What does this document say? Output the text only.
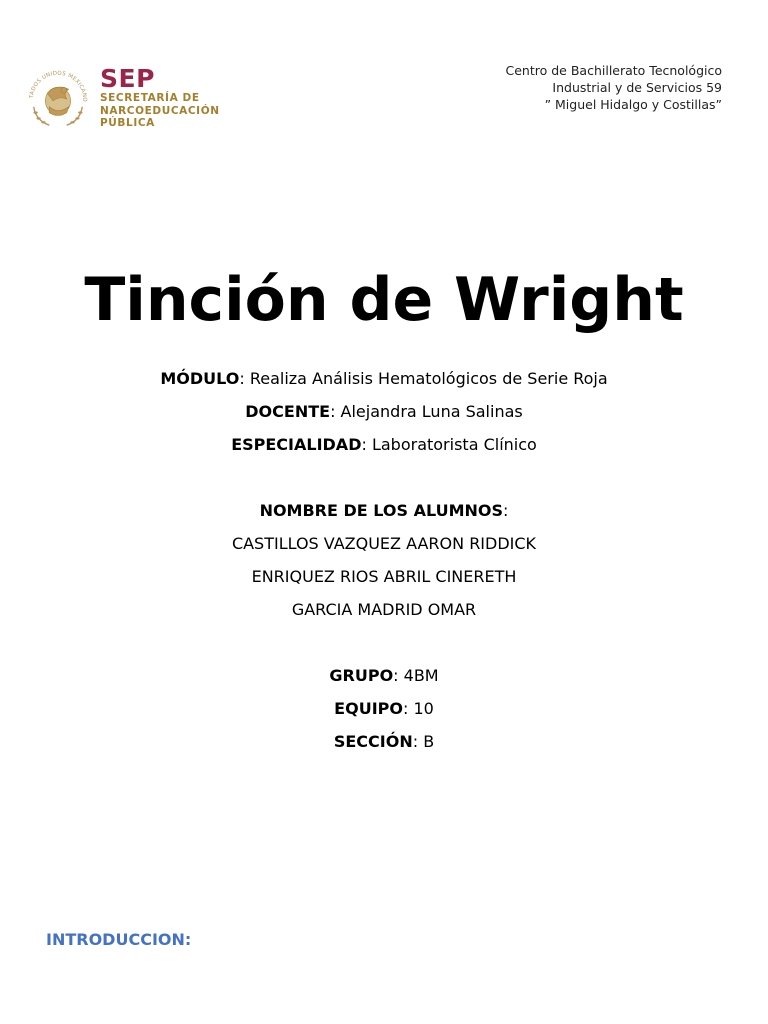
TADOS UNIDOS MEXICANO
SEP
SECRETARÍA DE
NARCOEDUCACIÓN
PÚBLICA
Centro de Bachillerato Tecnológico
Industrial y de Servicios 59
” Miguel Hidalgo y Costillas”
Tinción de Wright
MÓDULO: Realiza Análisis Hematológicos de Serie Roja
DOCENTE: Alejandra Luna Salinas
ESPECIALIDAD: Laboratorista Clínico
NOMBRE DE LOS ALUMNOS:
CASTILLOS VAZQUEZ AARON RIDDICK
ENRIQUEZ RIOS ABRIL CINERETH
GARCIA MADRID OMAR
GRUPO: 4BM
EQUIPO: 10
SECCIÓN: B
INTRODUCCION:
